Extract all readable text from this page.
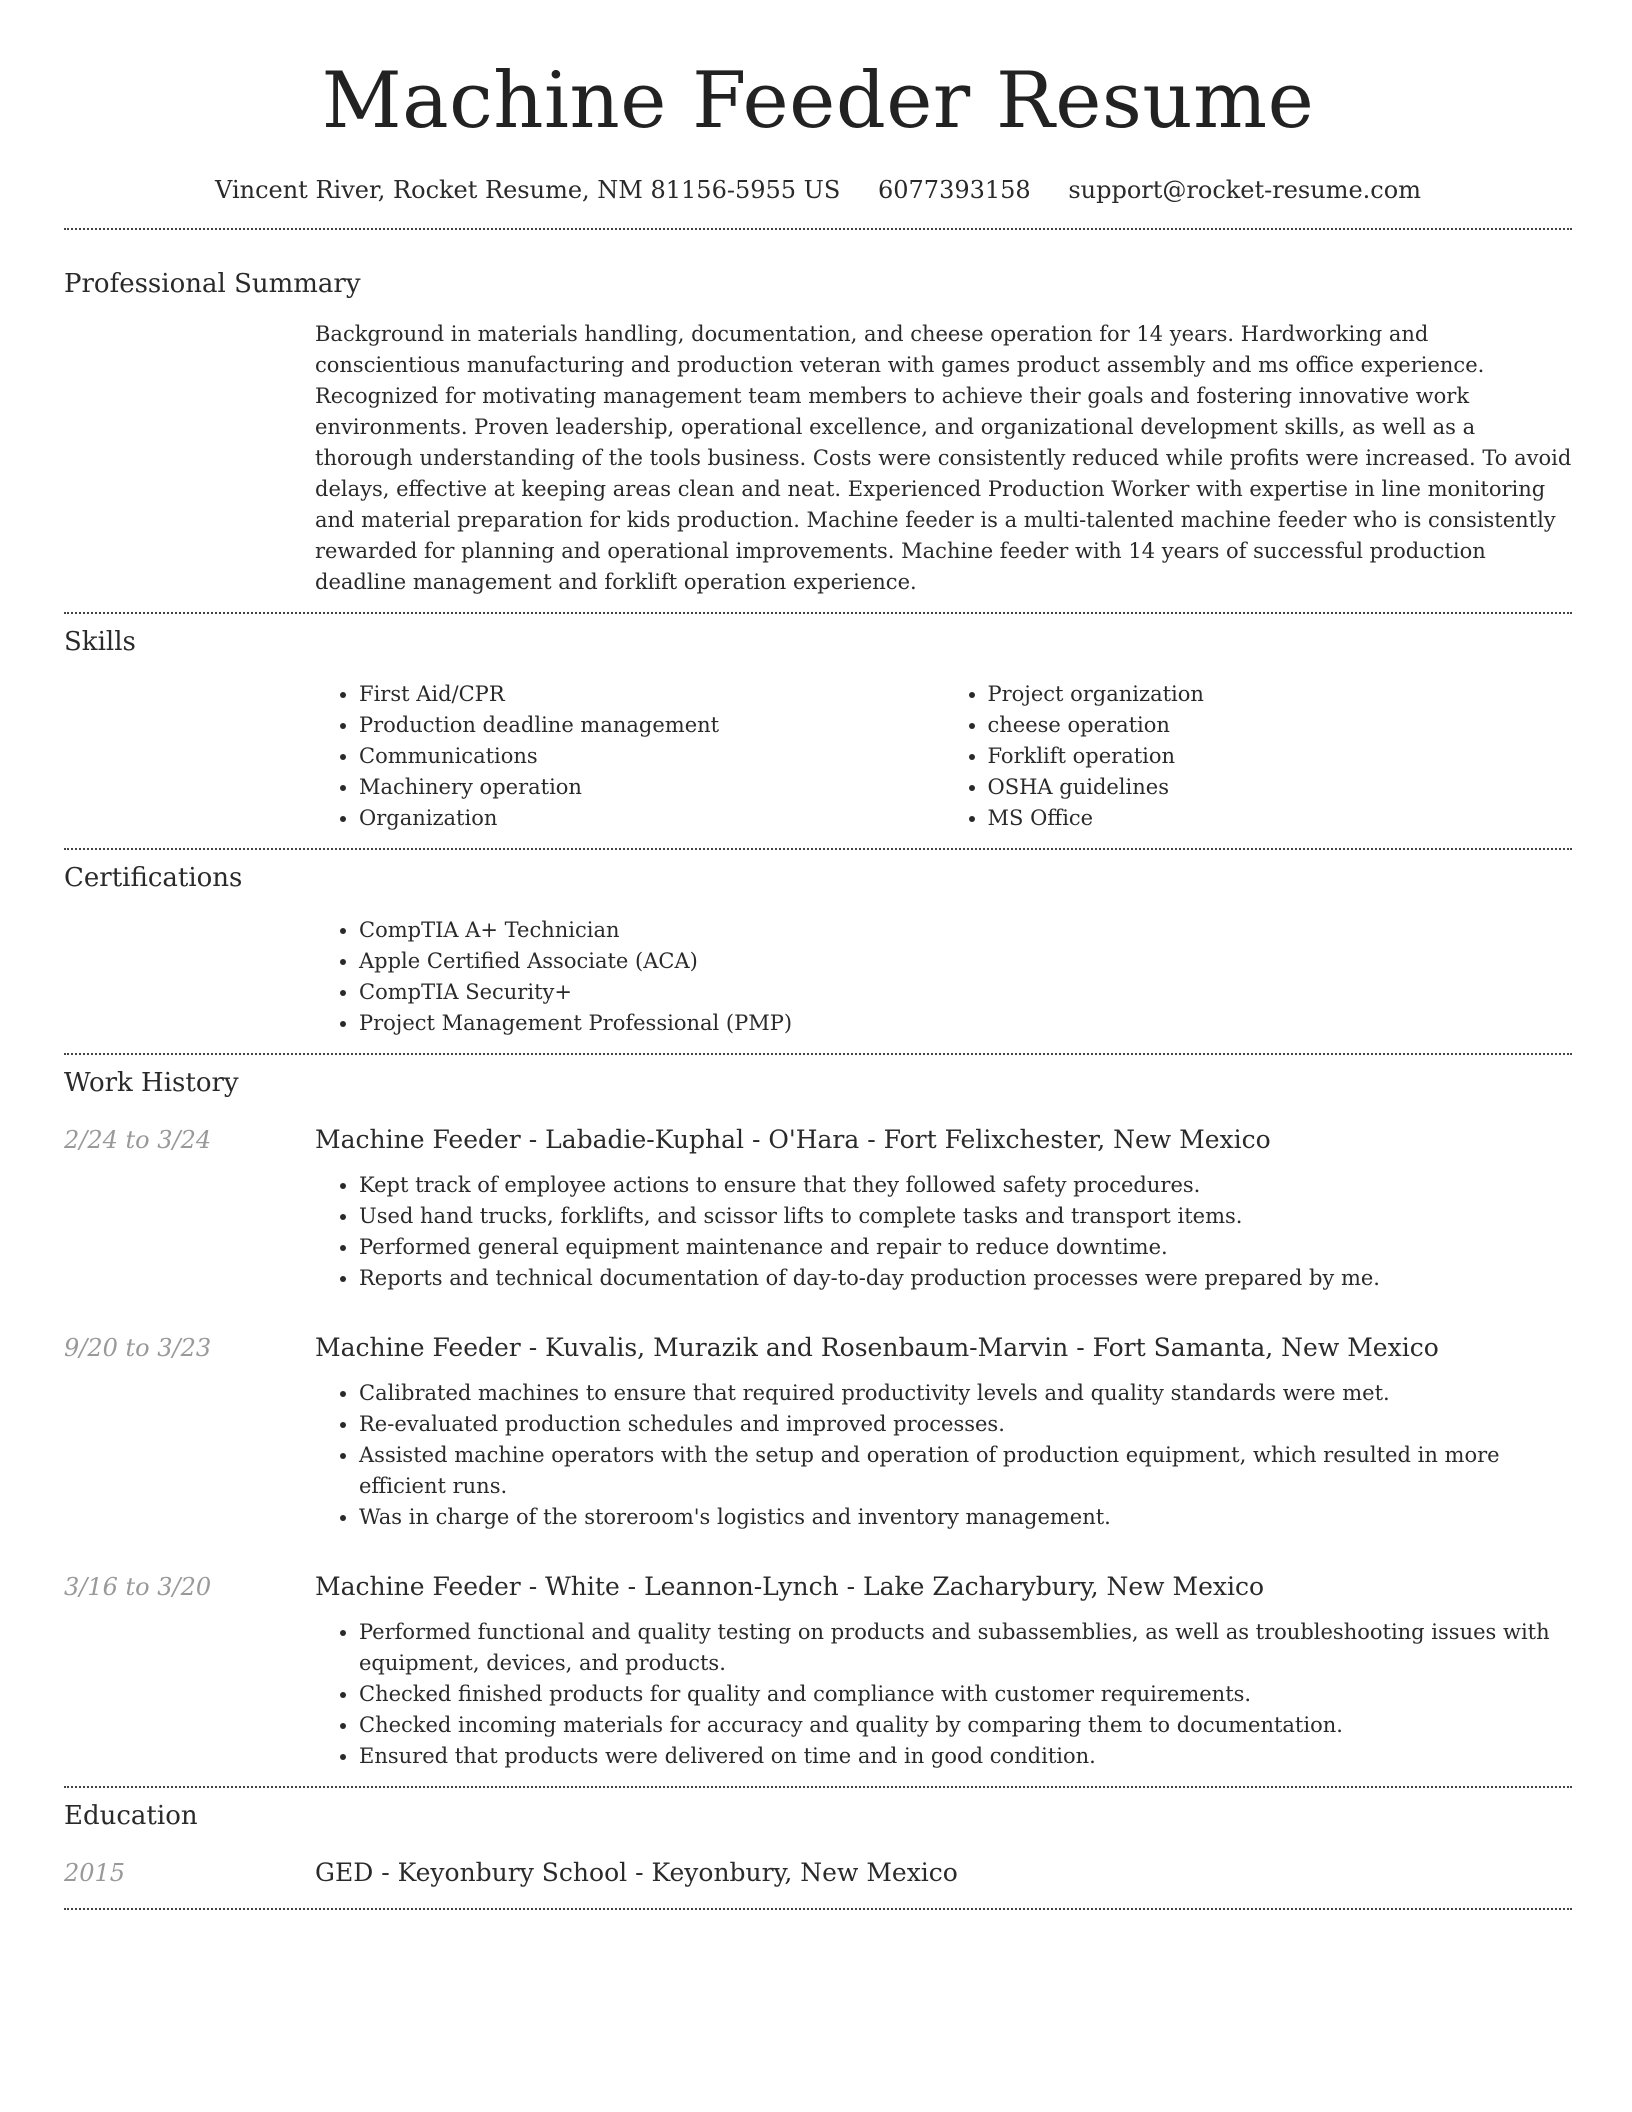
Machine Feeder Resume
Vincent River, Rocket Resume, NM 81156-5955 US 6077393158 support@rocket-resume.com
Professional Summary
Background in materials handling, documentation, and cheese operation for 14 years. Hardworking and conscientious manufacturing and production veteran with games product assembly and ms office experience. Recognized for motivating management team members to achieve their goals and fostering innovative work environments. Proven leadership, operational excellence, and organizational development skills, as well as a thorough understanding of the tools business. Costs were consistently reduced while profits were increased. To avoid delays, effective at keeping areas clean and neat. Experienced Production Worker with expertise in line monitoring and material preparation for kids production. Machine feeder is a multi-talented machine feeder who is consistently rewarded for planning and operational improvements. Machine feeder with 14 years of successful production deadline management and forklift operation experience.
Skills
• First Aid/CPR
• Production deadline management
• Communications
• Machinery operation
• Organization
• Project organization
• cheese operation
• Forklift operation
• OSHA guidelines
• MS Office
Certifications
• CompTIA A+ Technician
• Apple Certified Associate (ACA)
• CompTIA Security+
• Project Management Professional (PMP)
Work History
2/24 to 3/24	Machine Feeder - Labadie-Kuphal - O'Hara - Fort Felixchester, New Mexico
• Kept track of employee actions to ensure that they followed safety procedures.
• Used hand trucks, forklifts, and scissor lifts to complete tasks and transport items.
• Performed general equipment maintenance and repair to reduce downtime.
• Reports and technical documentation of day-to-day production processes were prepared by me.
9/20 to 3/23	Machine Feeder - Kuvalis, Murazik and Rosenbaum-Marvin - Fort Samanta, New Mexico
• Calibrated machines to ensure that required productivity levels and quality standards were met.
• Re-evaluated production schedules and improved processes.
• Assisted machine operators with the setup and operation of production equipment, which resulted in more efficient runs.
• Was in charge of the storeroom's logistics and inventory management.
3/16 to 3/20	Machine Feeder - White - Leannon-Lynch - Lake Zacharybury, New Mexico
• Performed functional and quality testing on products and subassemblies, as well as troubleshooting issues with equipment, devices, and products.
• Checked finished products for quality and compliance with customer requirements.
• Checked incoming materials for accuracy and quality by comparing them to documentation.
• Ensured that products were delivered on time and in good condition.
Education
2015	GED - Keyonbury School - Keyonbury, New Mexico
